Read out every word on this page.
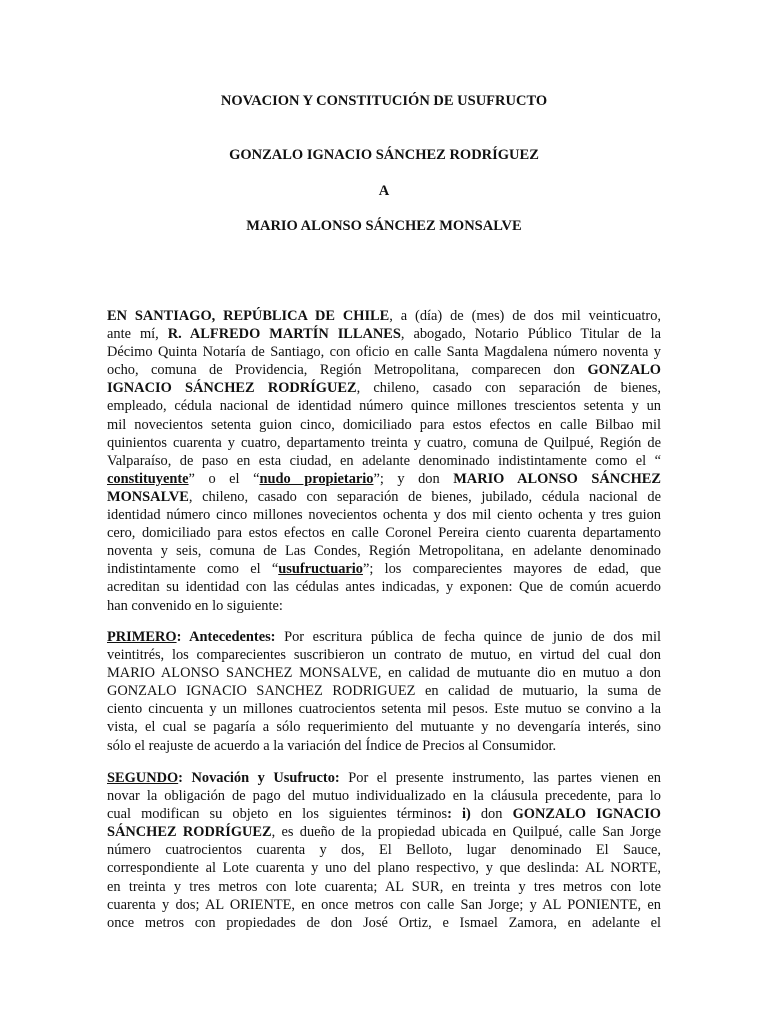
NOVACION Y CONSTITUCIÓN DE USUFRUCTO
GONZALO IGNACIO SÁNCHEZ RODRÍGUEZ
A
MARIO ALONSO SÁNCHEZ MONSALVE
EN SANTIAGO, REPÚBLICA DE CHILE, a (día) de (mes) de dos mil veinticuatro,
ante mí, R. ALFREDO MARTÍN ILLANES, abogado, Notario Público Titular de la
Décimo Quinta Notaría de Santiago, con oficio en calle Santa Magdalena número noventa y
ocho, comuna de Providencia, Región Metropolitana, comparecen don GONZALO
IGNACIO SÁNCHEZ RODRÍGUEZ, chileno, casado con separación de bienes,
empleado, cédula nacional de identidad número quince millones trescientos setenta y un
mil novecientos setenta guion cinco, domiciliado para estos efectos en calle Bilbao mil
quinientos cuarenta y cuatro, departamento treinta y cuatro, comuna de Quilpué, Región de
Valparaíso, de paso en esta ciudad, en adelante denominado indistintamente como el “
constituyente” o el “nudo propietario”; y don MARIO ALONSO SÁNCHEZ
MONSALVE, chileno, casado con separación de bienes, jubilado, cédula nacional de
identidad número cinco millones novecientos ochenta y dos mil ciento ochenta y tres guion
cero, domiciliado para estos efectos en calle Coronel Pereira ciento cuarenta departamento
noventa y seis, comuna de Las Condes, Región Metropolitana, en adelante denominado
indistintamente como el “usufructuario”; los comparecientes mayores de edad, que
acreditan su identidad con las cédulas antes indicadas, y exponen: Que de común acuerdo
han convenido en lo siguiente:
PRIMERO: Antecedentes: Por escritura pública de fecha quince de junio de dos mil
veintitrés, los comparecientes suscribieron un contrato de mutuo, en virtud del cual don
MARIO ALONSO SANCHEZ MONSALVE, en calidad de mutuante dio en mutuo a don
GONZALO IGNACIO SANCHEZ RODRIGUEZ en calidad de mutuario, la suma de
ciento cincuenta y un millones cuatrocientos setenta mil pesos. Este mutuo se convino a la
vista, el cual se pagaría a sólo requerimiento del mutuante y no devengaría interés, sino
sólo el reajuste de acuerdo a la variación del Índice de Precios al Consumidor.
SEGUNDO: Novación y Usufructo: Por el presente instrumento, las partes vienen en
novar la obligación de pago del mutuo individualizado en la cláusula precedente, para lo
cual modifican su objeto en los siguientes términos: i) don GONZALO IGNACIO
SÁNCHEZ RODRÍGUEZ, es dueño de la propiedad ubicada en Quilpué, calle San Jorge
número cuatrocientos cuarenta y dos, El Belloto, lugar denominado El Sauce,
correspondiente al Lote cuarenta y uno del plano respectivo, y que deslinda: AL NORTE,
en treinta y tres metros con lote cuarenta; AL SUR, en treinta y tres metros con lote
cuarenta y dos; AL ORIENTE, en once metros con calle San Jorge; y AL PONIENTE, en
once metros con propiedades de don José Ortiz, e Ismael Zamora, en adelante el
